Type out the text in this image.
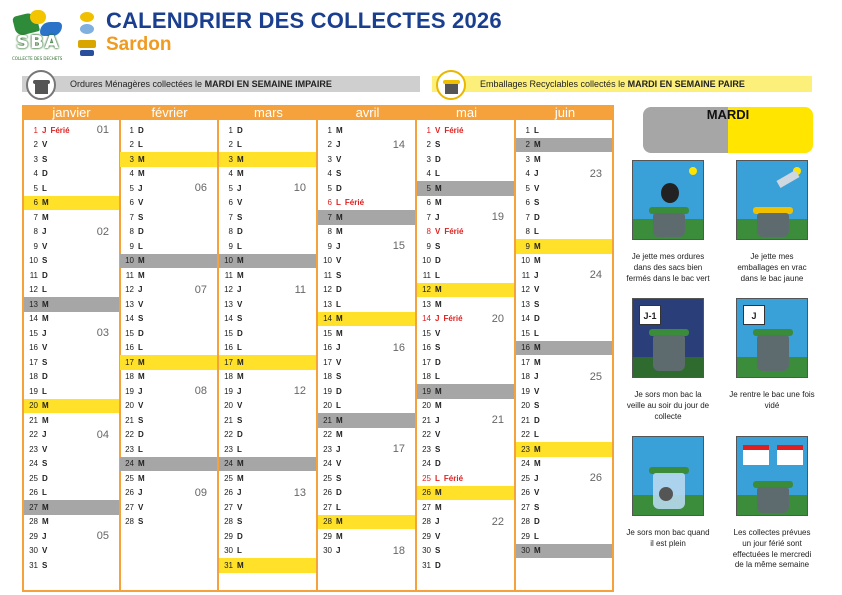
SBA
COLLECTE DES DECHETS
CALENDRIER DES COLLECTES 2026
Sardon
Ordures Ménagères collectées le MARDI EN SEMAINE IMPAIRE	Emballages Recyclables collectés le MARDI EN SEMAINE PAIRE
janvier
1 J Férié 01
2 V
3 S
4 D
5 L
6 M
7 M
8 J	02
9 V
10 S
11 D
12 L
13 M
14 M
15 J	03
16 V
17 S
18 D
19 L
20 M
21 M
22 J	04
23 V
24 S
25 D
26 L
27 M
28 M
29 J	05
30 V
31 S
février
1 D
2 L
3 M
4 M
5 J	06
6 V
7 S
8 D
9 L
10 M
11 M
12 J	07
13 V
14 S
15 D
16 L
17 M
18 M
19 J	08
20 V
21 S
22 D
23 L
24 M
25 M
26 J	09
27 V
28 S
mars
1 D
2 L
3 M
4 M
5 J	10
6 V
7 S
8 D
9 L
10 M
11 M
12 J	11
13 V
14 S
15 D
16 L
17 M
18 M
19 J	12
20 V
21 S
22 D
23 L
24 M
25 M
26 J	13
27 V
28 S
29 D
30 L
31 M
avril
1 M
2 J	14
3 V
4 S
5 D
6 L Férié
7 M
8 M
9 J	15
10 V
11 S
12 D
13 L
14 M
15 M
16 J	16
17 V
18 S
19 D
20 L
21 M
22 M
23 J	17
24 V
25 S
26 D
27 L
28 M
29 M
30 J	18
mai
1 V Férié
2 S
3 D
4 L
5 M
6 M
7 J	19
8 V Férié
9 S
10 D
11 L
12 M
13 M
14 J Férié	20
15 V
16 S
17 D
18 L
19 M
20 M
21 J	21
22 V
23 S
24 D
25 L Férié
26 M
27 M
28 J	22
29 V
30 S
31 D
juin
1 L
2 M
3 M
4 J	23
5 V
6 S
7 D
8 L
9 M
10 M
11 J	24
12 V
13 S
14 D
15 L
16 M
17 M
18 J	25
19 V
20 S
21 D
22 L
23 M
24 M
25 J	26
26 V
27 S
28 D
29 L
30 M
MARDI
Je jette mes ordures dans des sacs bien fermés dans le bac vert
Je jette mes emballages en vrac dans le bac jaune
J-1	J
Je sors mon bac la veille au soir du jour de collecte
Je rentre le bac une fois vidé
Je sors mon bac quand il est plein
Les collectes prévues un jour férié sont effectuées le mercredi de la même semaine
